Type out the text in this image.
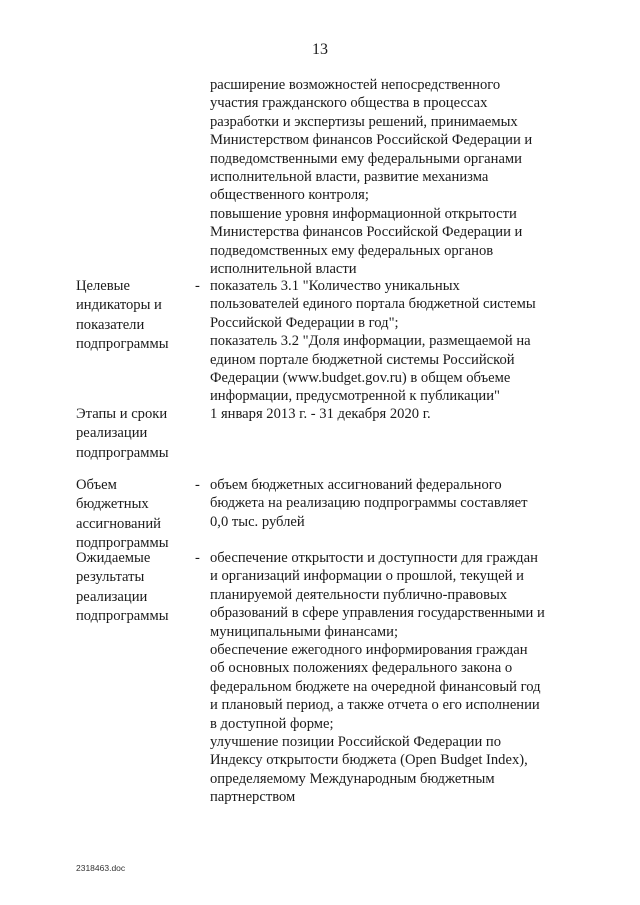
13
расширение возможностей непосредственного
участия гражданского общества в процессах
разработки и экспертизы решений, принимаемых
Министерством финансов Российской Федерации и
подведомственными ему федеральными органами
исполнительной власти, развитие механизма
общественного контроля;
повышение уровня информационной открытости
Министерства финансов Российской Федерации и
подведомственных ему федеральных органов
исполнительной власти
Целевые
индикаторы и
показатели
подпрограммы
- показатель 3.1 "Количество уникальных
пользователей единого портала бюджетной системы
Российской Федерации в год";
показатель 3.2 "Доля информации, размещаемой на
едином портале бюджетной системы Российской
Федерации (www.budget.gov.ru) в общем объеме
информации, предусмотренной к публикации"
Этапы и сроки
реализации
подпрограммы
1 января 2013 г. - 31 декабря 2020 г.
Объем
бюджетных
ассигнований
подпрограммы
- объем бюджетных ассигнований федерального
бюджета на реализацию подпрограммы составляет
0,0 тыс. рублей
Ожидаемые
результаты
реализации
подпрограммы
- обеспечение открытости и доступности для граждан
и организаций информации о прошлой, текущей и
планируемой деятельности публично-правовых
образований в сфере управления государственными и
муниципальными финансами;
обеспечение ежегодного информирования граждан
об основных положениях федерального закона о
федеральном бюджете на очередной финансовый год
и плановый период, а также отчета о его исполнении
в доступной форме;
улучшение позиции Российской Федерации по
Индексу открытости бюджета (Open Budget Index),
определяемому Международным бюджетным
партнерством
2318463.doc
